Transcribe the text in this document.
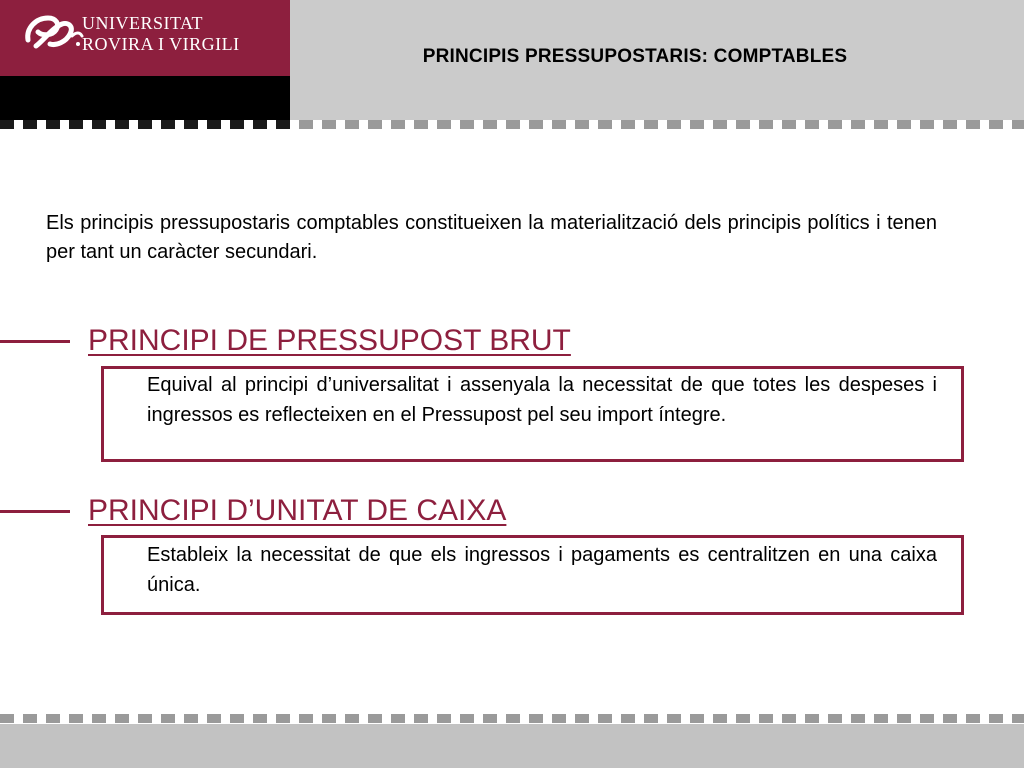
UNIVERSITAT
ROVIRA I VIRGILI
PRINCIPIS PRESSUPOSTARIS: COMPTABLES
Els principis pressupostaris comptables constitueixen la materialització dels principis polítics i tenen per tant un caràcter secundari.
PRINCIPI DE PRESSUPOST BRUT
Equival al principi d’universalitat i assenyala la necessitat de que totes les despeses i ingressos es reflecteixen en el Pressupost pel seu import íntegre.
PRINCIPI D’UNITAT DE CAIXA
Estableix la necessitat de que els ingressos i pagaments es centralitzen en una caixa única.
